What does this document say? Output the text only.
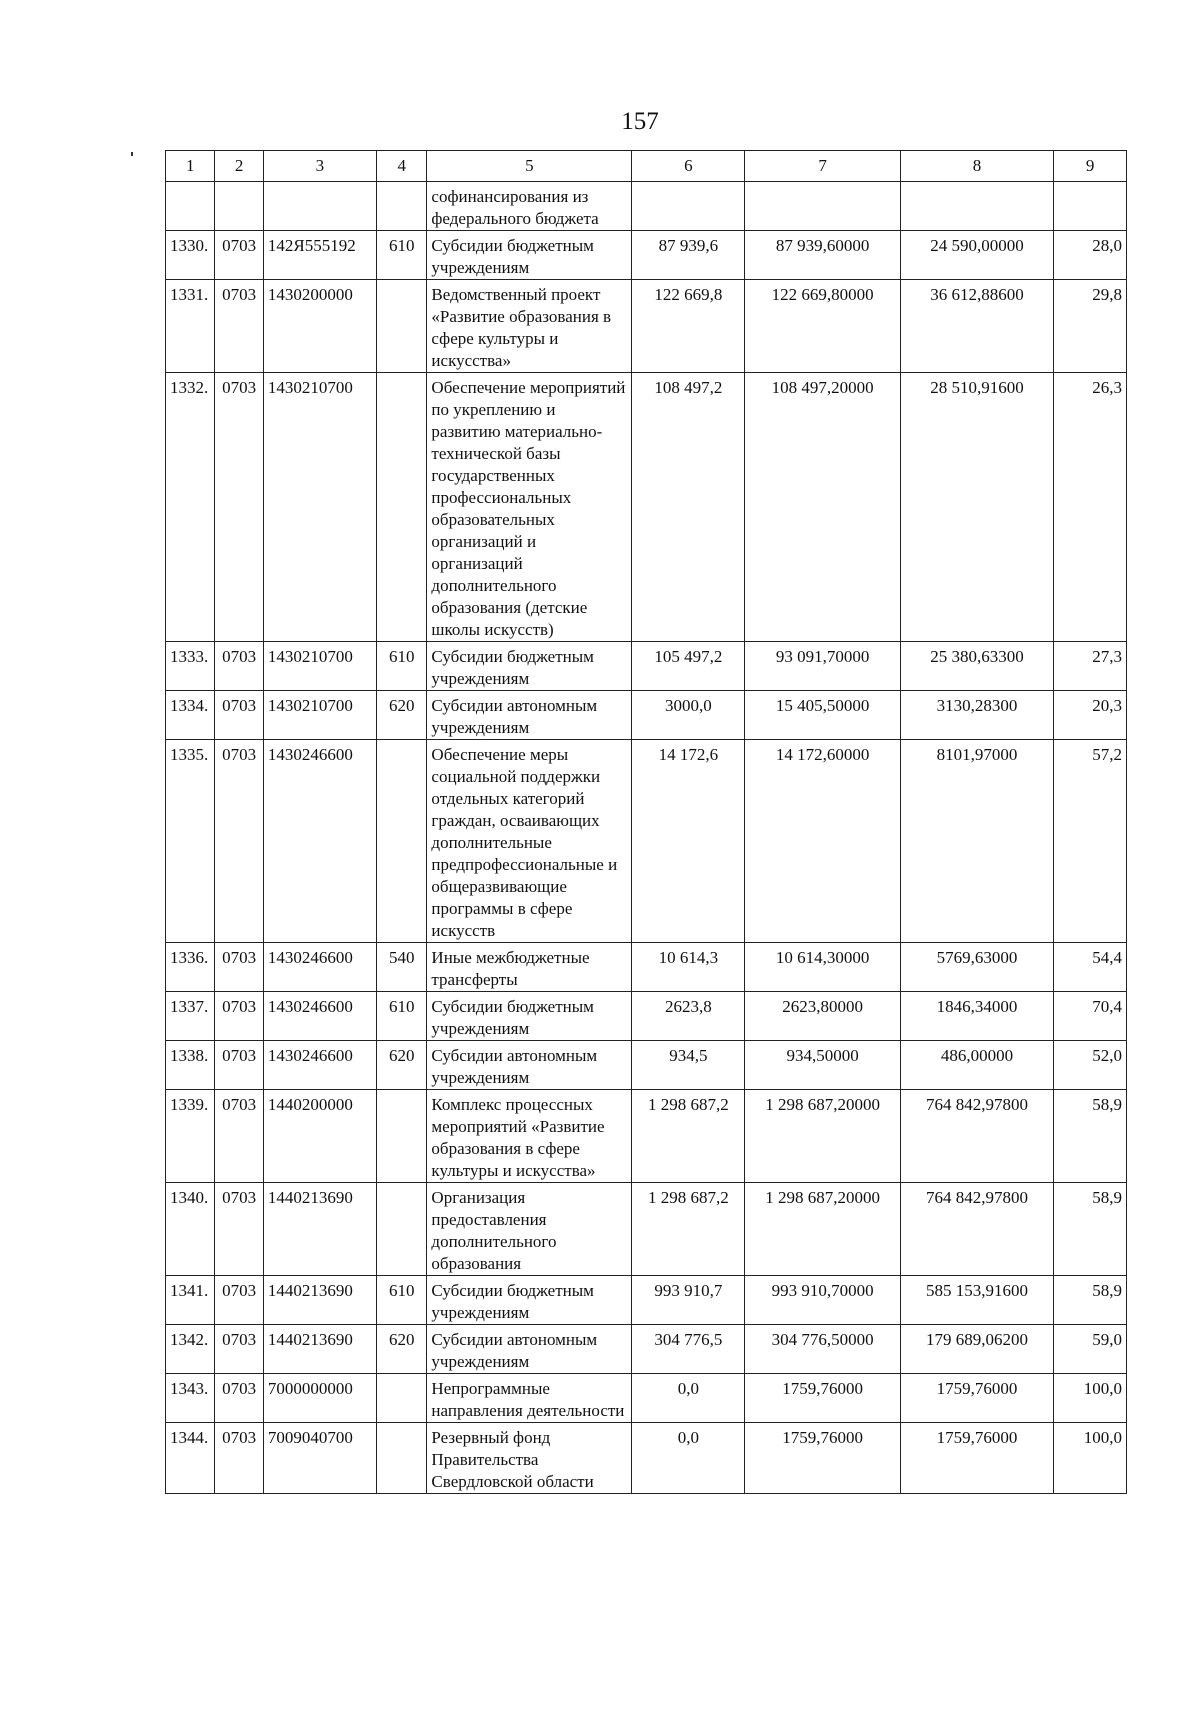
157
1	2	3	4	5	6	7	8	9
				софинансирования из федерального бюджета				
1330.	0703	142Я555192	610	Субсидии бюджетным учреждениям	87 939,6	87 939,60000	24 590,00000	28,0
1331.	0703	1430200000		Ведомственный проект «Развитие образования в сфере культуры и искусства»	122 669,8	122 669,80000	36 612,88600	29,8
1332.	0703	1430210700		Обеспечение мероприятий по укреплению и развитию материально-технической базы государственных профессиональных образовательных организаций и организаций дополнительного образования (детские школы искусств)	108 497,2	108 497,20000	28 510,91600	26,3
1333.	0703	1430210700	610	Субсидии бюджетным учреждениям	105 497,2	93 091,70000	25 380,63300	27,3
1334.	0703	1430210700	620	Субсидии автономным учреждениям	3000,0	15 405,50000	3130,28300	20,3
1335.	0703	1430246600		Обеспечение меры социальной поддержки отдельных категорий граждан, осваивающих дополнительные предпрофессиональные и общеразвивающие программы в сфере искусств	14 172,6	14 172,60000	8101,97000	57,2
1336.	0703	1430246600	540	Иные межбюджетные трансферты	10 614,3	10 614,30000	5769,63000	54,4
1337.	0703	1430246600	610	Субсидии бюджетным учреждениям	2623,8	2623,80000	1846,34000	70,4
1338.	0703	1430246600	620	Субсидии автономным учреждениям	934,5	934,50000	486,00000	52,0
1339.	0703	1440200000		Комплекс процессных мероприятий «Развитие образования в сфере культуры и искусства»	1 298 687,2	1 298 687,20000	764 842,97800	58,9
1340.	0703	1440213690		Организация предоставления дополнительного образования	1 298 687,2	1 298 687,20000	764 842,97800	58,9
1341.	0703	1440213690	610	Субсидии бюджетным учреждениям	993 910,7	993 910,70000	585 153,91600	58,9
1342.	0703	1440213690	620	Субсидии автономным учреждениям	304 776,5	304 776,50000	179 689,06200	59,0
1343.	0703	7000000000		Непрограммные направления деятельности	0,0	1759,76000	1759,76000	100,0
1344.	0703	7009040700		Резервный фонд Правительства Свердловской области	0,0	1759,76000	1759,76000	100,0
